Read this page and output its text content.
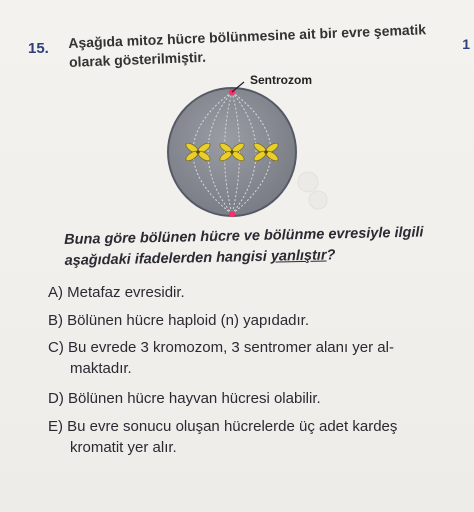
15. Aşağıda mitoz hücre bölünmesine ait bir evre şematik
olarak gösterilmiştir.
1
Sentrozom
Buna göre bölünen hücre ve bölünme evresiyle ilgili
aşağıdaki ifadelerden hangisi yanlıştır?
A) Metafaz evresidir.
B) Bölünen hücre haploid (n) yapıdadır.
C) Bu evrede 3 kromozom, 3 sentromer alanı yer al-
maktadır.
D) Bölünen hücre hayvan hücresi olabilir.
E) Bu evre sonucu oluşan hücrelerde üç adet kardeş
kromatit yer alır.
